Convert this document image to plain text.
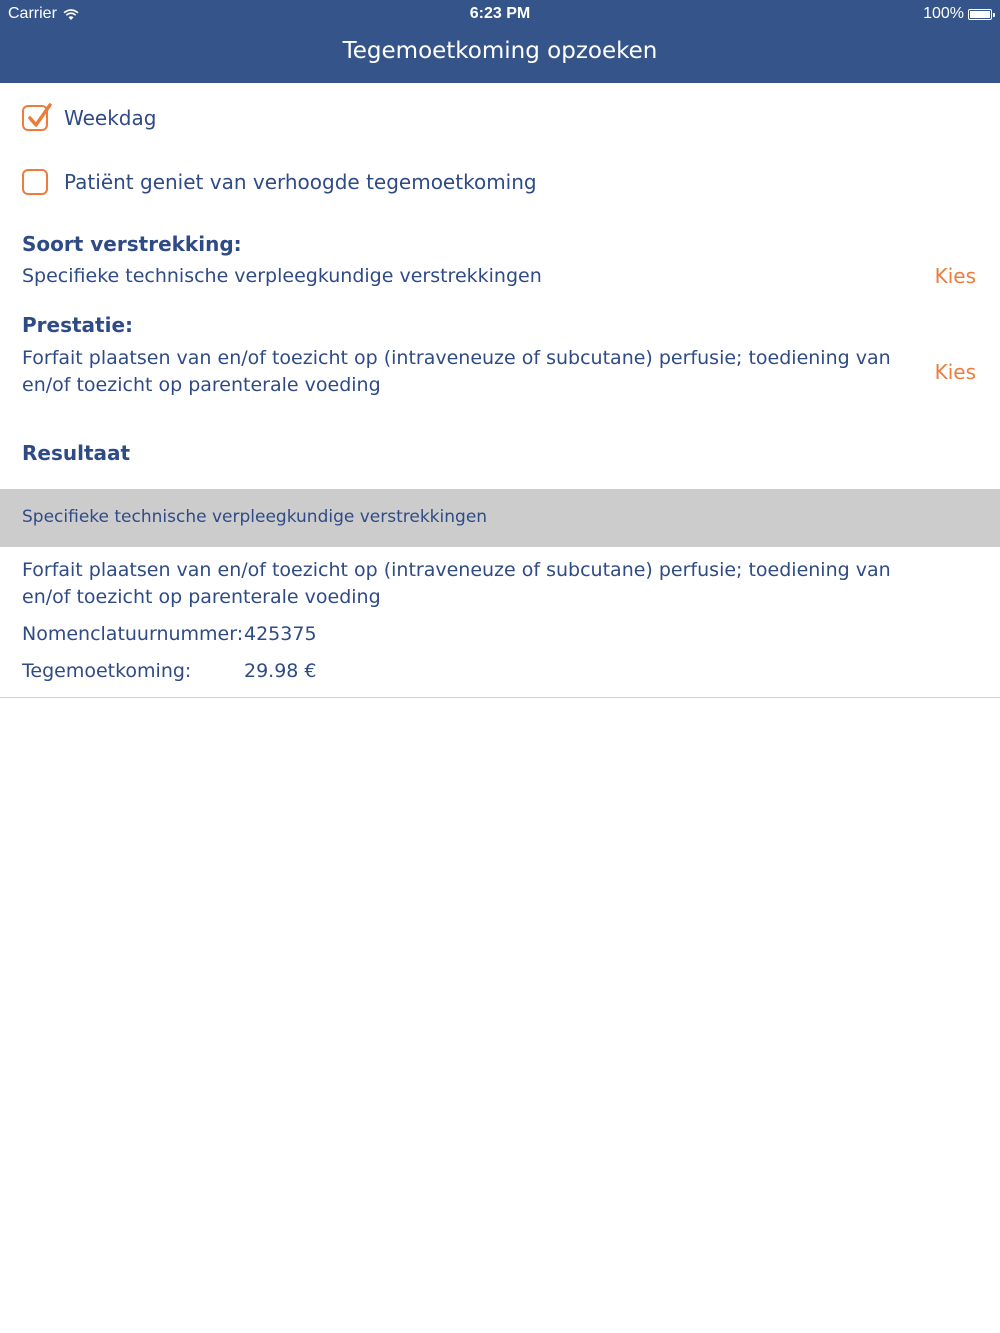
Carrier	6:23 PM	100%
Tegemoetkoming opzoeken
Weekdag
Patiënt geniet van verhoogde tegemoetkoming
Soort verstrekking:
Specifieke technische verpleegkundige verstrekkingen	Kies
Prestatie:
Forfait plaatsen van en/of toezicht op (intraveneuze of subcutane) perfusie; toediening van en/of toezicht op parenterale voeding
Kies
Resultaat
Specifieke technische verpleegkundige verstrekkingen
Forfait plaatsen van en/of toezicht op (intraveneuze of subcutane) perfusie; toediening van en/of toezicht op parenterale voeding
Nomenclatuurnummer: 425375
Tegemoetkoming:	29.98 €
